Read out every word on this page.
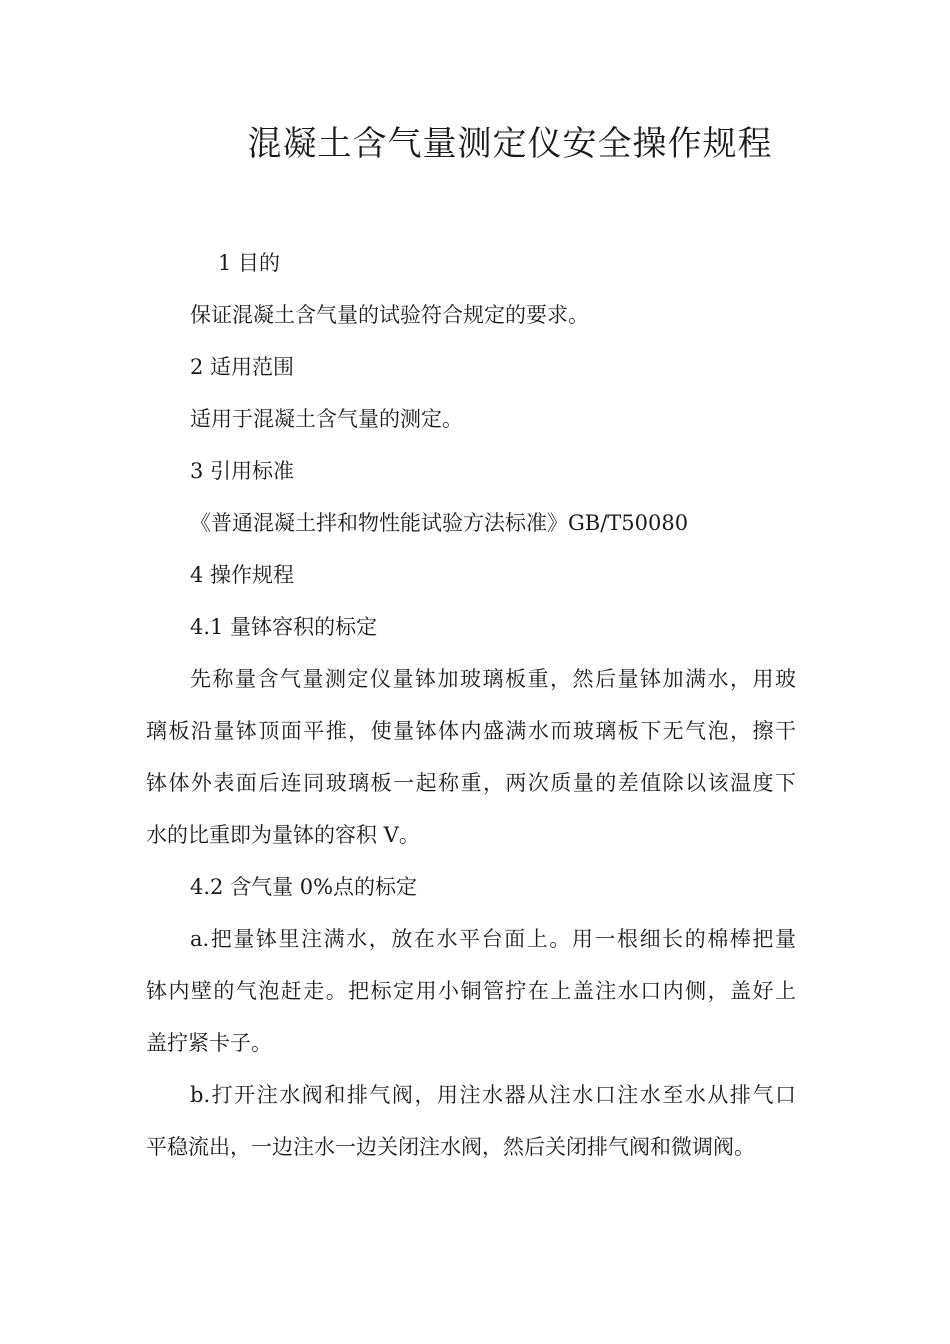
混凝土含气量测定仪安全操作规程

1 目的

保证混凝土含气量的试验符合规定的要求。

2 适用范围

适用于混凝土含气量的测定。

3 引用标准

《普通混凝土拌和物性能试验方法标准》GB/T50080

4 操作规程

4.1 量钵容积的标定

先称量含气量测定仪量钵加玻璃板重，然后量钵加满水，用玻

璃板沿量钵顶面平推，使量钵体内盛满水而玻璃板下无气泡，擦干

钵体外表面后连同玻璃板一起称重，两次质量的差值除以该温度下

水的比重即为量钵的容积 V。

4.2 含气量 0%点的标定

a.把量钵里注满水，放在水平台面上。用一根细长的棉棒把量

钵内壁的气泡赶走。把标定用小铜管拧在上盖注水口内侧，盖好上

盖拧紧卡子。

b.打开注水阀和排气阀，用注水器从注水口注水至水从排气口

平稳流出，一边注水一边关闭注水阀，然后关闭排气阀和微调阀。
